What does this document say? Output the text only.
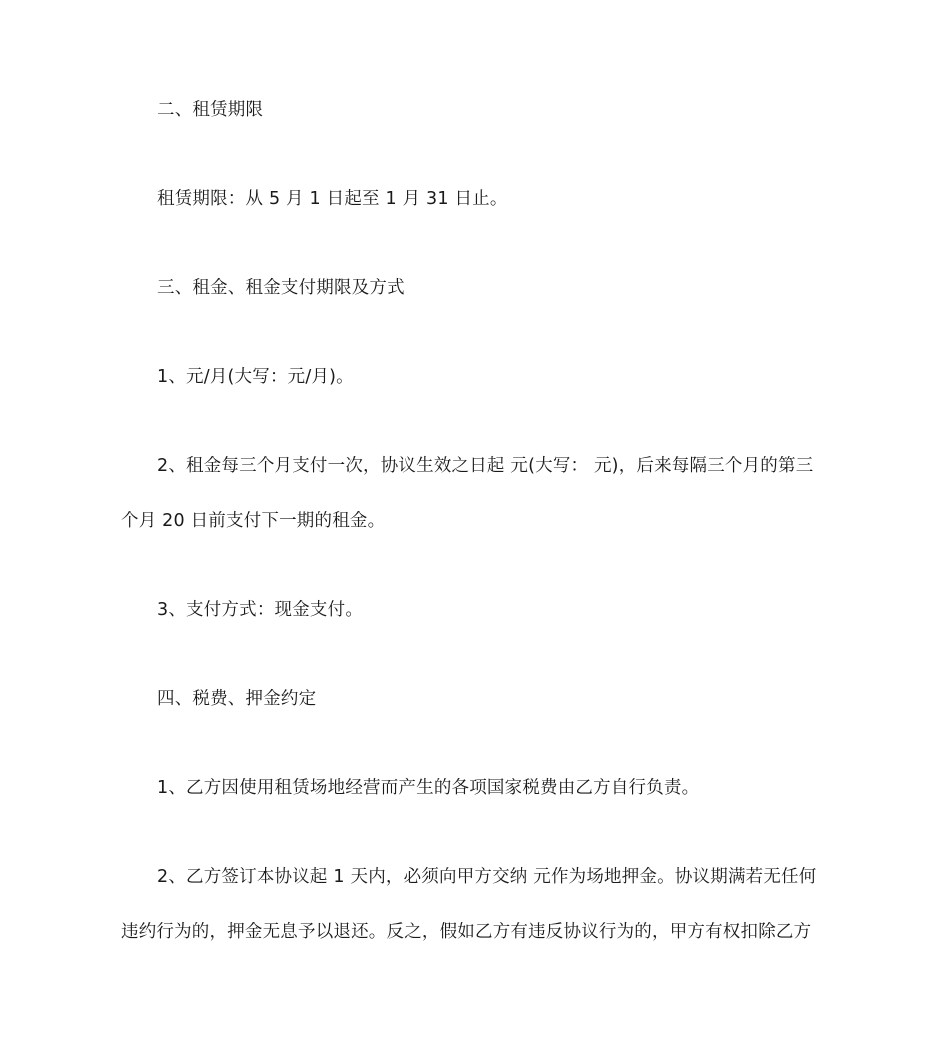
二、租赁期限
租赁期限：从 5 月 1 日起至 1 月 31 日止。
三、租金、租金支付期限及方式
1、元/月(大写：元/月)。
2、租金每三个月支付一次，协议生效之日起 元(大写： 元)，后来每隔三个月的第三
个月 20 日前支付下一期的租金。
3、支付方式：现金支付。
四、税费、押金约定
1、乙方因使用租赁场地经营而产生的各项国家税费由乙方自行负责。
2、乙方签订本协议起 1 天内，必须向甲方交纳 元作为场地押金。协议期满若无任何
违约行为的，押金无息予以退还。反之，假如乙方有违反协议行为的，甲方有权扣除乙方
